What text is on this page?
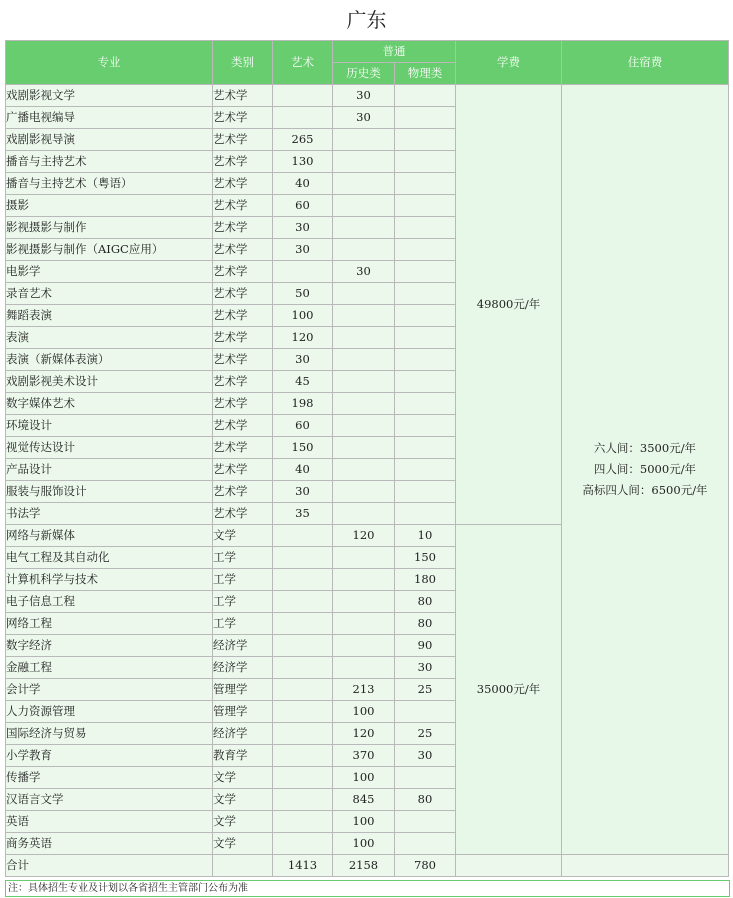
广东
专业	类别	艺术	普通		学费	住宿费
			历史类	物理类		
戏剧影视文学	艺术学		30		49800元/年	六人间：3500元/年
四人间：5000元/年
高标四人间：6500元/年

广播电视编导	艺术学		30			
戏剧影视导演	艺术学	265				
播音与主持艺术	艺术学	130				
播音与主持艺术（粤语）	艺术学	40				
摄影	艺术学	60				
影视摄影与制作	艺术学	30				
影视摄影与制作（AIGC应用）	艺术学	30				
电影学	艺术学		30			
录音艺术	艺术学	50				
舞蹈表演	艺术学	100				
表演	艺术学	120				
表演（新媒体表演）	艺术学	30				
戏剧影视美术设计	艺术学	45				
数字媒体艺术	艺术学	198				
环境设计	艺术学	60				
视觉传达设计	艺术学	150				
产品设计	艺术学	40				
服装与服饰设计	艺术学	30				
书法学	艺术学	35				
网络与新媒体	文学		120	10	35000元/年	
电气工程及其自动化	工学			150		
计算机科学与技术	工学			180		
电子信息工程	工学			80		
网络工程	工学			80		
数字经济	经济学			90		
金融工程	经济学			30		
会计学	管理学		213	25		
人力资源管理	管理学		100			
国际经济与贸易	经济学		120	25		
小学教育	教育学		370	30		
传播学	文学		100			
汉语言文学	文学		845	80		
英语	文学		100			
商务英语	文学		100			
合计		1413	2158	780		
注：具体招生专业及计划以各省招生主管部门公布为准
